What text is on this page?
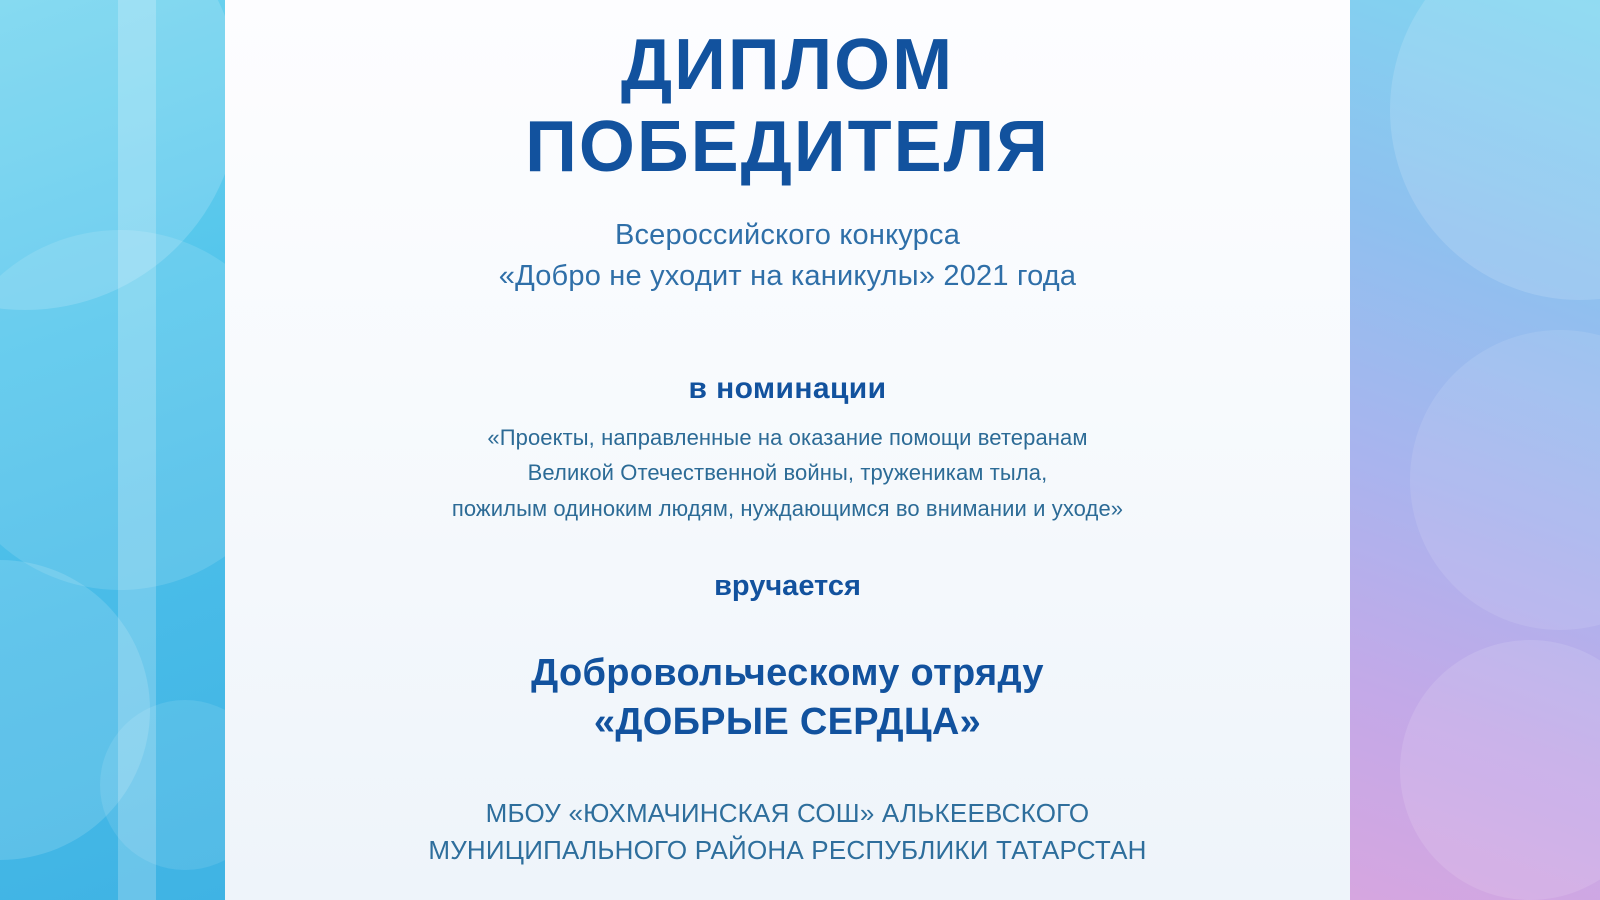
ДИПЛОМ
ПОБЕДИТЕЛЯ
Всероссийского конкурса
«Добро не уходит на каникулы» 2021 года
в номинации
«Проекты, направленные на оказание помощи ветеранам
Великой Отечественной войны, труженикам тыла,
пожилым одиноким людям, нуждающимся во внимании и уходе»
вручается
Добровольческому отряду
«ДОБРЫЕ СЕРДЦА»
МБОУ «ЮХМАЧИНСКАЯ СОШ» АЛЬКЕЕВСКОГО
МУНИЦИПАЛЬНОГО РАЙОНА РЕСПУБЛИКИ ТАТАРСТАН
